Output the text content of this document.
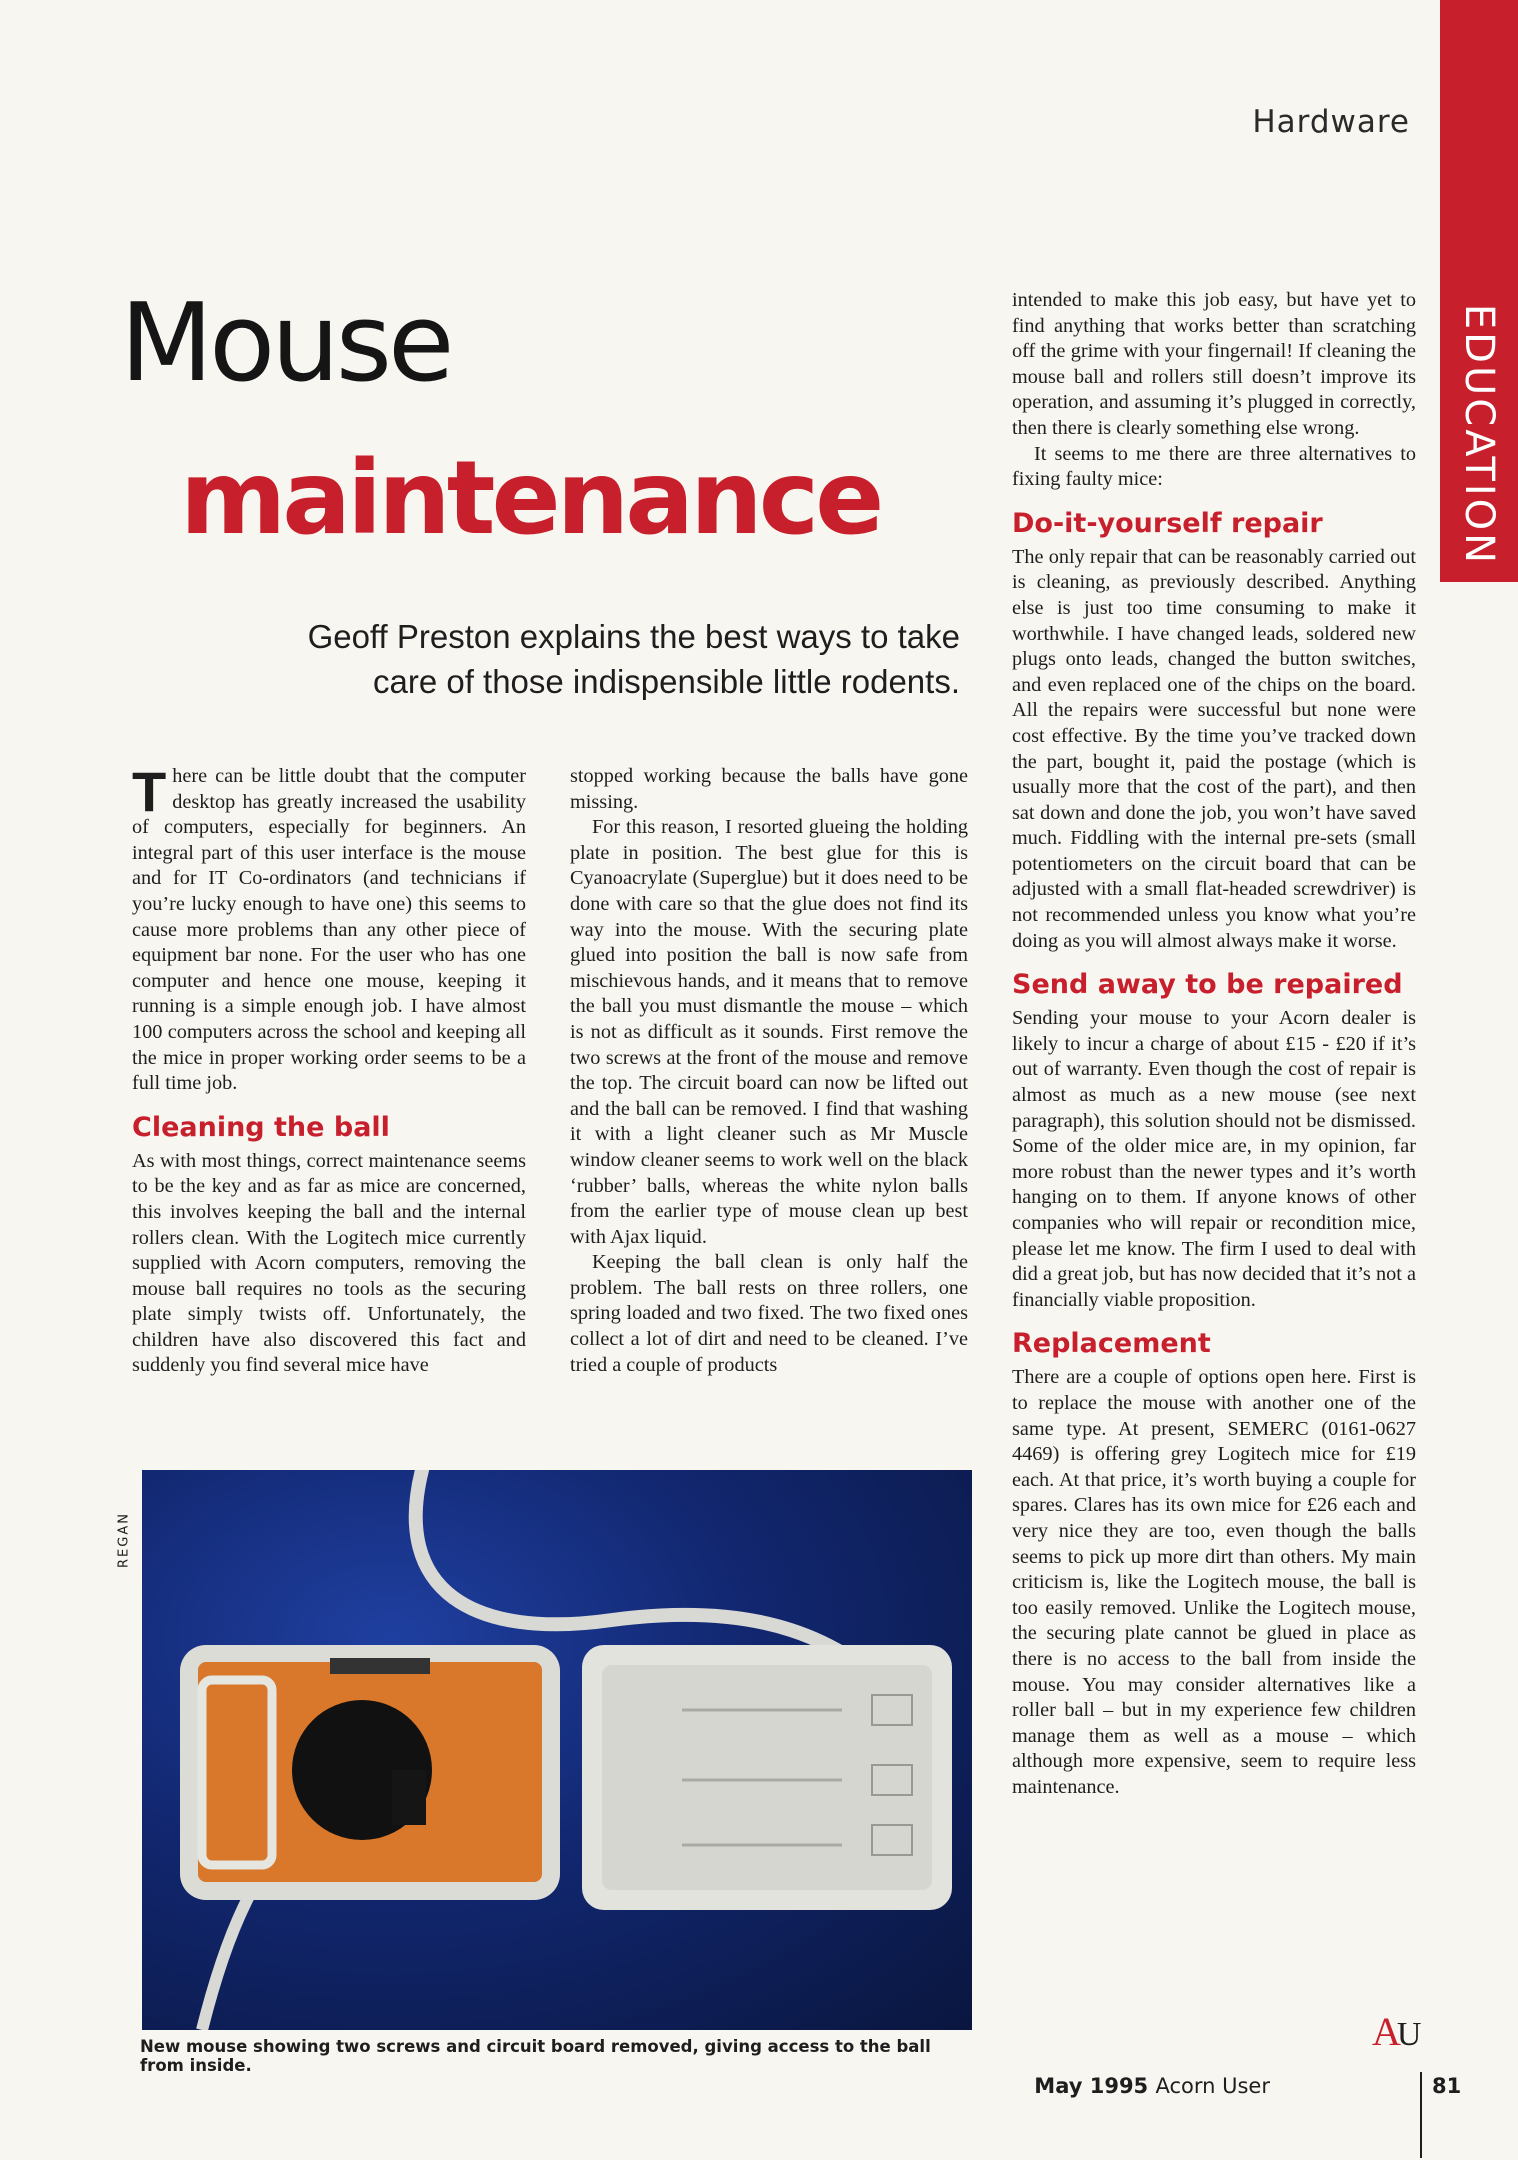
Hardware
EDUCATION
Mouse
maintenance
Geoff Preston explains the best ways to take
care of those indispensible little rodents.

There can be little doubt that the computer desktop has greatly increased the usability of computers, especially for beginners. An integral part of this user interface is the mouse and for IT Co-ordinators (and technicians if you’re lucky enough to have one) this seems to cause more problems than any other piece of equipment bar none. For the user who has one computer and hence one mouse, keeping it running is a simple enough job. I have almost 100 computers across the school and keeping all the mice in proper working order seems to be a full time job.

Cleaning the ball

As with most things, correct maintenance seems to be the key and as far as mice are concerned, this involves keeping the ball and the internal rollers clean. With the Logitech mice currently supplied with Acorn computers, removing the mouse ball requires no tools as the securing plate simply twists off. Unfortunately, the children have also discovered this fact and suddenly you find several mice have

stopped working because the balls have gone missing.

For this reason, I resorted glueing the holding plate in position. The best glue for this is Cyanoacrylate (Superglue) but it does need to be done with care so that the glue does not find its way into the mouse. With the securing plate glued into position the ball is now safe from mischievous hands, and it means that to remove the ball you must dismantle the mouse – which is not as difficult as it sounds. First remove the two screws at the front of the mouse and remove the top. The circuit board can now be lifted out and the ball can be removed. I find that washing it with a light cleaner such as Mr Muscle window cleaner seems to work well on the black ‘rubber’ balls, whereas the white nylon balls from the earlier type of mouse clean up best with Ajax liquid.

Keeping the ball clean is only half the problem. The ball rests on three rollers, one spring loaded and two fixed. The two fixed ones collect a lot of dirt and need to be cleaned. I’ve tried a couple of products

intended to make this job easy, but have yet to find anything that works better than scratching off the grime with your fingernail! If cleaning the mouse ball and rollers still doesn’t improve its operation, and assuming it’s plugged in correctly, then there is clearly something else wrong.

It seems to me there are three alternatives to fixing faulty mice:

Do-it-yourself repair

The only repair that can be reasonably carried out is cleaning, as previously described. Anything else is just too time consuming to make it worthwhile. I have changed leads, soldered new plugs onto leads, changed the button switches, and even replaced one of the chips on the board. All the repairs were successful but none were cost effective. By the time you’ve tracked down the part, bought it, paid the postage (which is usually more that the cost of the part), and then sat down and done the job, you won’t have saved much. Fiddling with the internal pre-sets (small potentiometers on the circuit board that can be adjusted with a small flat-headed screwdriver) is not recommended unless you know what you’re doing as you will almost always make it worse.

Send away to be repaired

Sending your mouse to your Acorn dealer is likely to incur a charge of about £15 - £20 if it’s out of warranty. Even though the cost of repair is almost as much as a new mouse (see next paragraph), this solution should not be dismissed. Some of the older mice are, in my opinion, far more robust than the newer types and it’s worth hanging on to them. If anyone knows of other companies who will repair or recondition mice, please let me know. The firm I used to deal with did a great job, but has now decided that it’s not a financially viable proposition.

Replacement

There are a couple of options open here. First is to replace the mouse with another one of the same type. At present, SEMERC (0161-0627 4469) is offering grey Logitech mice for £19 each. At that price, it’s worth buying a couple for spares. Clares has its own mice for £26 each and very nice they are too, even though the balls seems to pick up more dirt than others. My main criticism is, like the Logitech mouse, the ball is too easily removed. Unlike the Logitech mouse, the securing plate cannot be glued in place as there is no access to the ball from inside the mouse. You may consider alternatives like a roller ball – but in my experience few children manage them as well as a mouse – which although more expensive, seem to require less maintenance.

REGAN
New mouse showing two screws and circuit board removed, giving access to the ball from inside.
AU
May 1995 Acorn User	81
